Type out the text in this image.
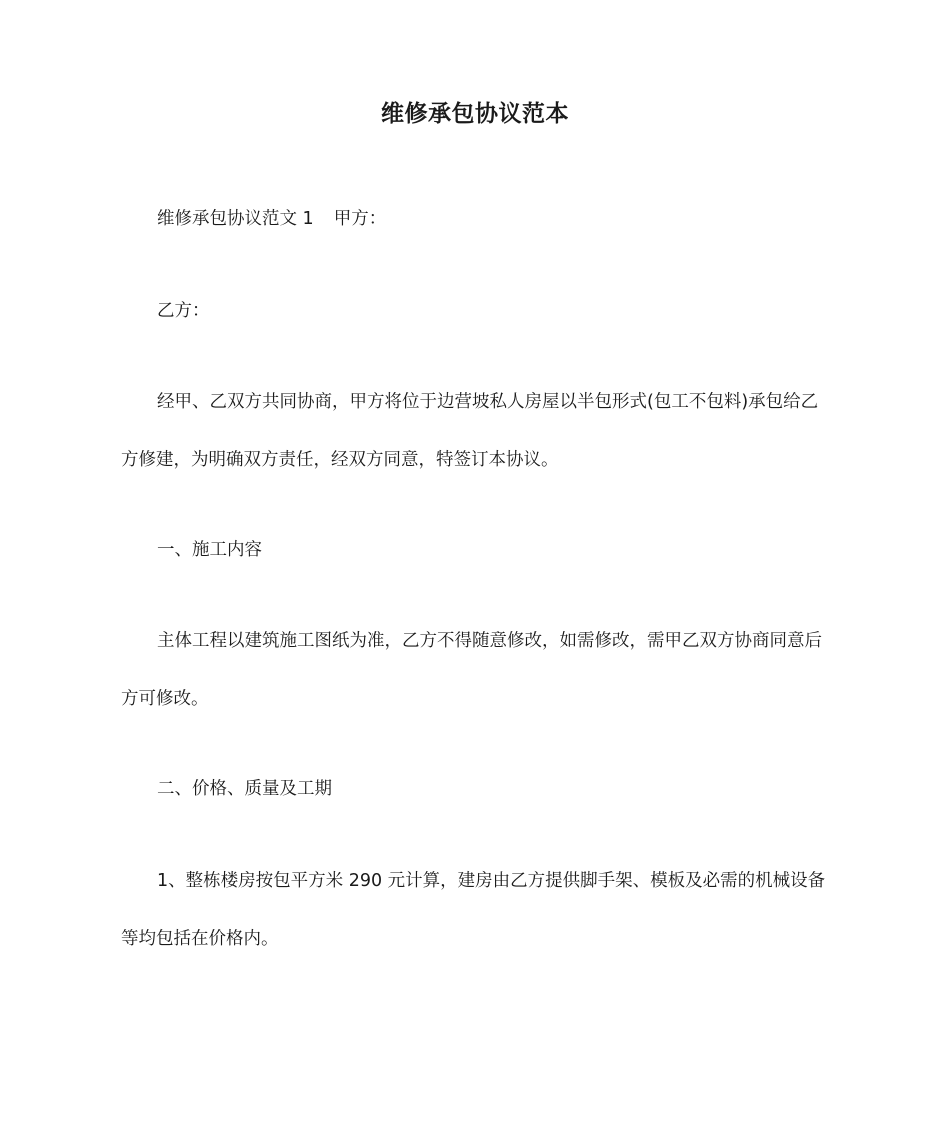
维修承包协议范本

维修承包协议范文 1 甲方：

乙方：

经甲、乙双方共同协商，甲方将位于边营坡私人房屋以半包形式(包工不包料)承包给乙方修建，为明确双方责任，经双方同意，特签订本协议。

一、施工内容

主体工程以建筑施工图纸为准，乙方不得随意修改，如需修改，需甲乙双方协商同意后方可修改。

二、价格、质量及工期

1、整栋楼房按包平方米 290 元计算，建房由乙方提供脚手架、模板及必需的机械设备等均包括在价格内。
